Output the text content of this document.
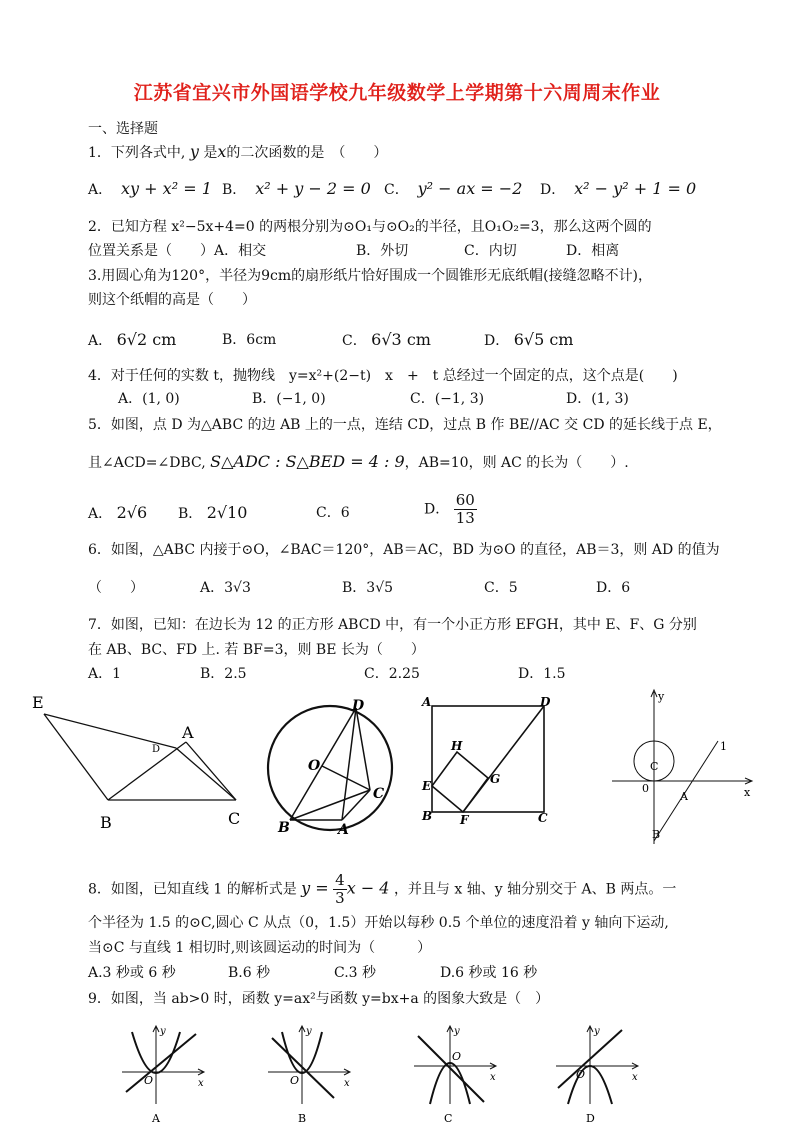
江苏省宜兴市外国语学校九年级数学上学期第十六周周末作业
一、选择题
1．下列各式中, y 是x的二次函数的是　（　　）
A． xy + x² = 1 B． x² + y − 2 = 0 C． y² − ax = −2 D． x² − y² + 1 = 0
2．已知方程 x²−5x+4=0 的两根分别为⊙O₁与⊙O₂的半径，且O₁O₂=3，那么这两个圆的
位置关系是（　　）A．相交	B．外切	C．内切	D．相离
3.用圆心角为120°，半径为9cm的扇形纸片恰好围成一个圆锥形无底纸帽(接缝忽略不计)，
则这个纸帽的高是（　　）
A． 6√2 cm	B．6cm	C． 6√3 cm	D． 6√5 cm
4．对于任何的实数 t，抛物线　y=x²+(2−t)　x　+　t 总经过一个固定的点，这个点是(　　)
A．(1, 0)	B．(−1, 0)	C．(−1, 3)	D．(1, 3)
5．如图，点 D 为△ABC 的边 AB 上的一点，连结 CD，过点 B 作 BE//AC 交 CD 的延长线于点 E，
且∠ACD=∠DBC, S△ADC : S△BED = 4 : 9，AB=10，则 AC 的长为（　　）.
A． 2√6 B． 2√10	C．6	D． $\frac{60}{13}$
6．如图，△ABC 内接于⊙O，∠BAC＝120°，AB＝AC，BD 为⊙O 的直径，AB＝3，则 AD 的值为
（　　）	A．3√3	B．3√5	C．5	D．6
7．如图，已知：在边长为 12 的正方形 ABCD 中，有一个小正方形 EFGH，其中 E、F、G 分别
在 AB、BC、FD 上. 若 BF=3，则 BE 长为（　　）
A．1	B．2.5	C．2.25	D．1.5
E
D
A
B	C
D
O
C
B	A
A	D
H
E	G
B F	C
y
1
C
0
A	x
B
8．如图，已知直线 1 的解析式是 $y = \frac{4}{3}$ x − 4 ，并且与 x 轴、y 轴分别交于 A、B 两点。一
个半径为 1.5 的⊙C,圆心 C 从点（0，1.5）开始以每秒 0.5 个单位的速度沿着 y 轴向下运动,
当⊙C 与直线 1 相切时,则该圆运动的时间为（　　　）
A.3 秒或 6 秒	B.6 秒	C.3 秒	D.6 秒或 16 秒
9．如图，当 ab>0 时，函数 y=ax²与函数 y=bx+a 的图象大致是（　）
y
x
O
A
y
x
O
B
y
x
O
C
y
x
O
D
